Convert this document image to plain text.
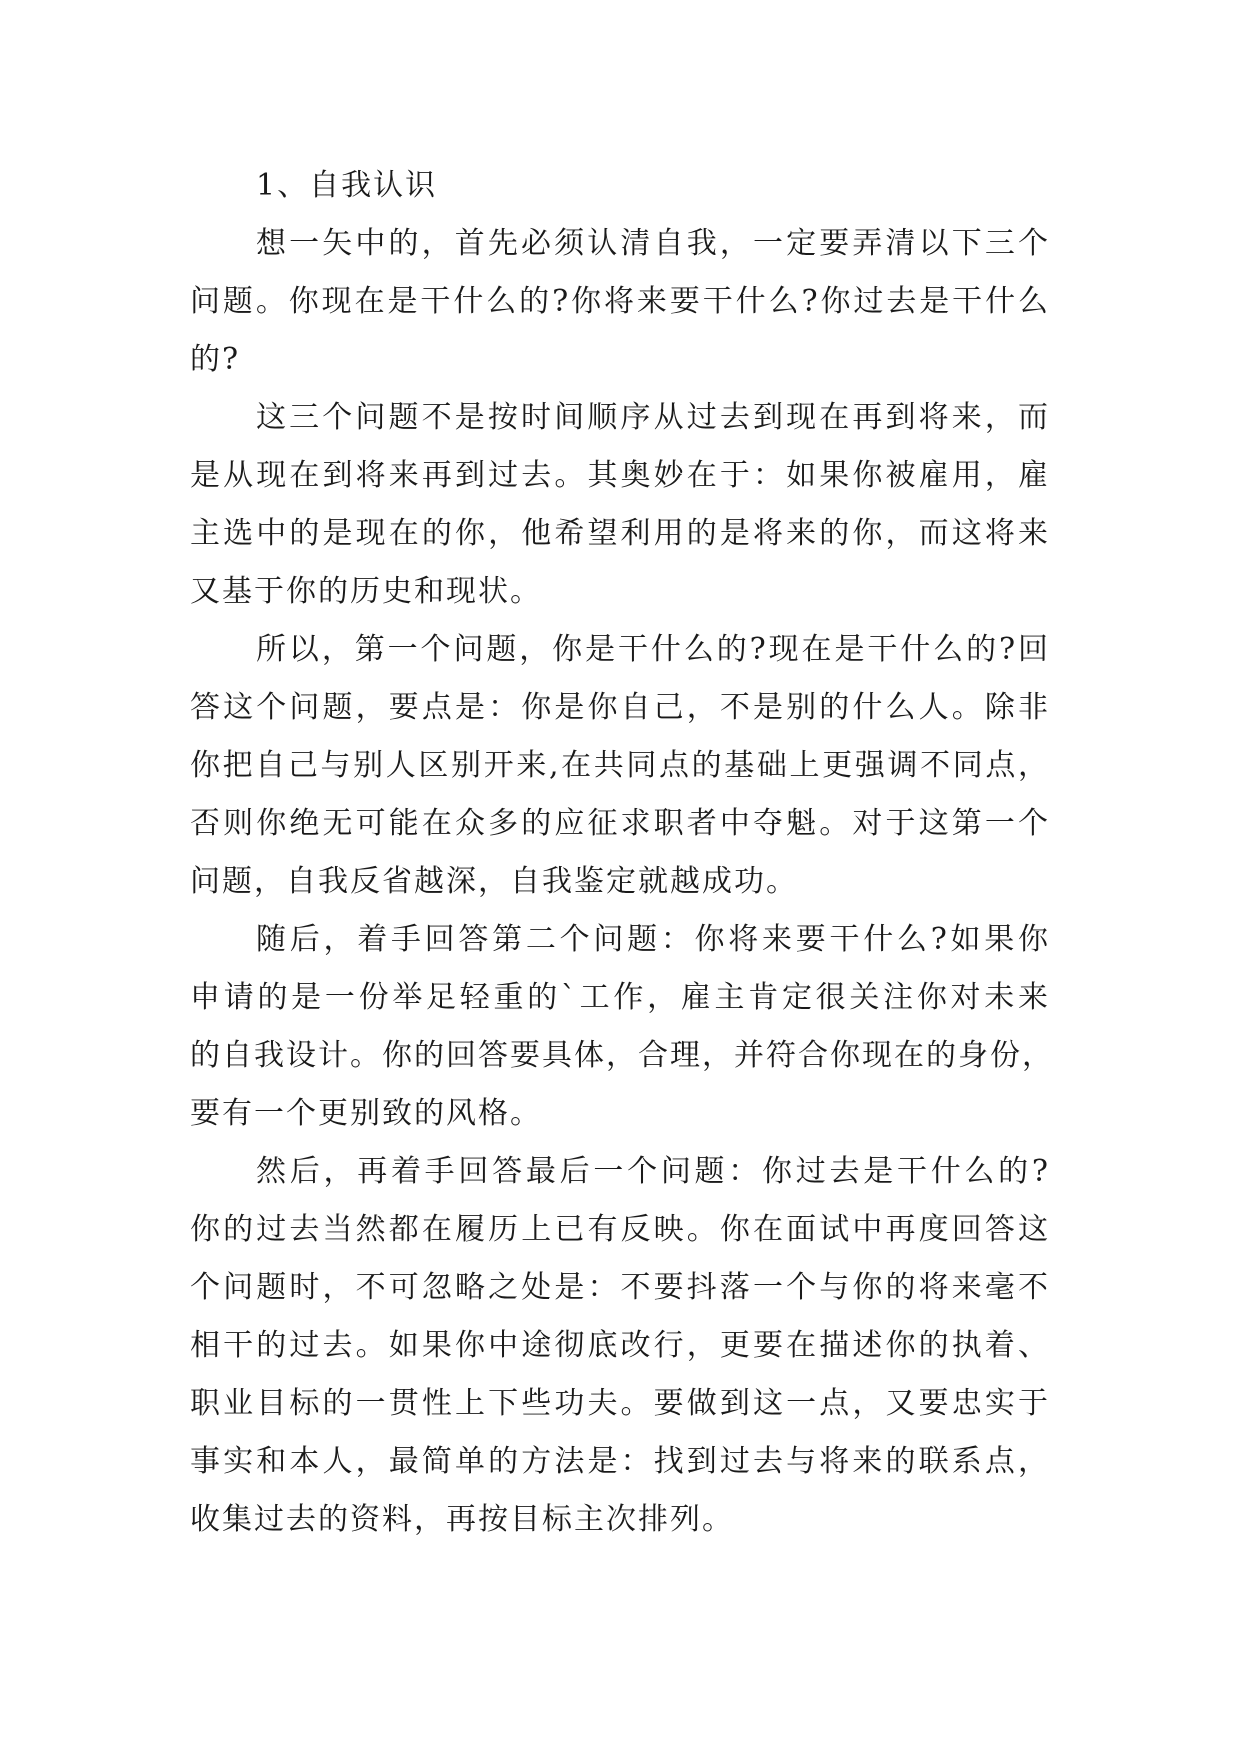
1、自我认识
想一矢中的，首先必须认清自我，一定要弄清以下三个
问题。你现在是干什么的?你将来要干什么?你过去是干什么
的?
这三个问题不是按时间顺序从过去到现在再到将来，而
是从现在到将来再到过去。其奥妙在于：如果你被雇用，雇
主选中的是现在的你，他希望利用的是将来的你，而这将来
又基于你的历史和现状。
所以，第一个问题，你是干什么的?现在是干什么的?回
答这个问题，要点是：你是你自己，不是别的什么人。除非
你把自己与别人区别开来,在共同点的基础上更强调不同点，
否则你绝无可能在众多的应征求职者中夺魁。对于这第一个
问题，自我反省越深，自我鉴定就越成功。
随后，着手回答第二个问题：你将来要干什么?如果你
申请的是一份举足轻重的`工作，雇主肯定很关注你对未来
的自我设计。你的回答要具体，合理，并符合你现在的身份，
要有一个更别致的风格。
然后，再着手回答最后一个问题：你过去是干什么的?
你的过去当然都在履历上已有反映。你在面试中再度回答这
个问题时，不可忽略之处是：不要抖落一个与你的将来毫不
相干的过去。如果你中途彻底改行，更要在描述你的执着、
职业目标的一贯性上下些功夫。要做到这一点，又要忠实于
事实和本人，最简单的方法是：找到过去与将来的联系点，
收集过去的资料，再按目标主次排列。
